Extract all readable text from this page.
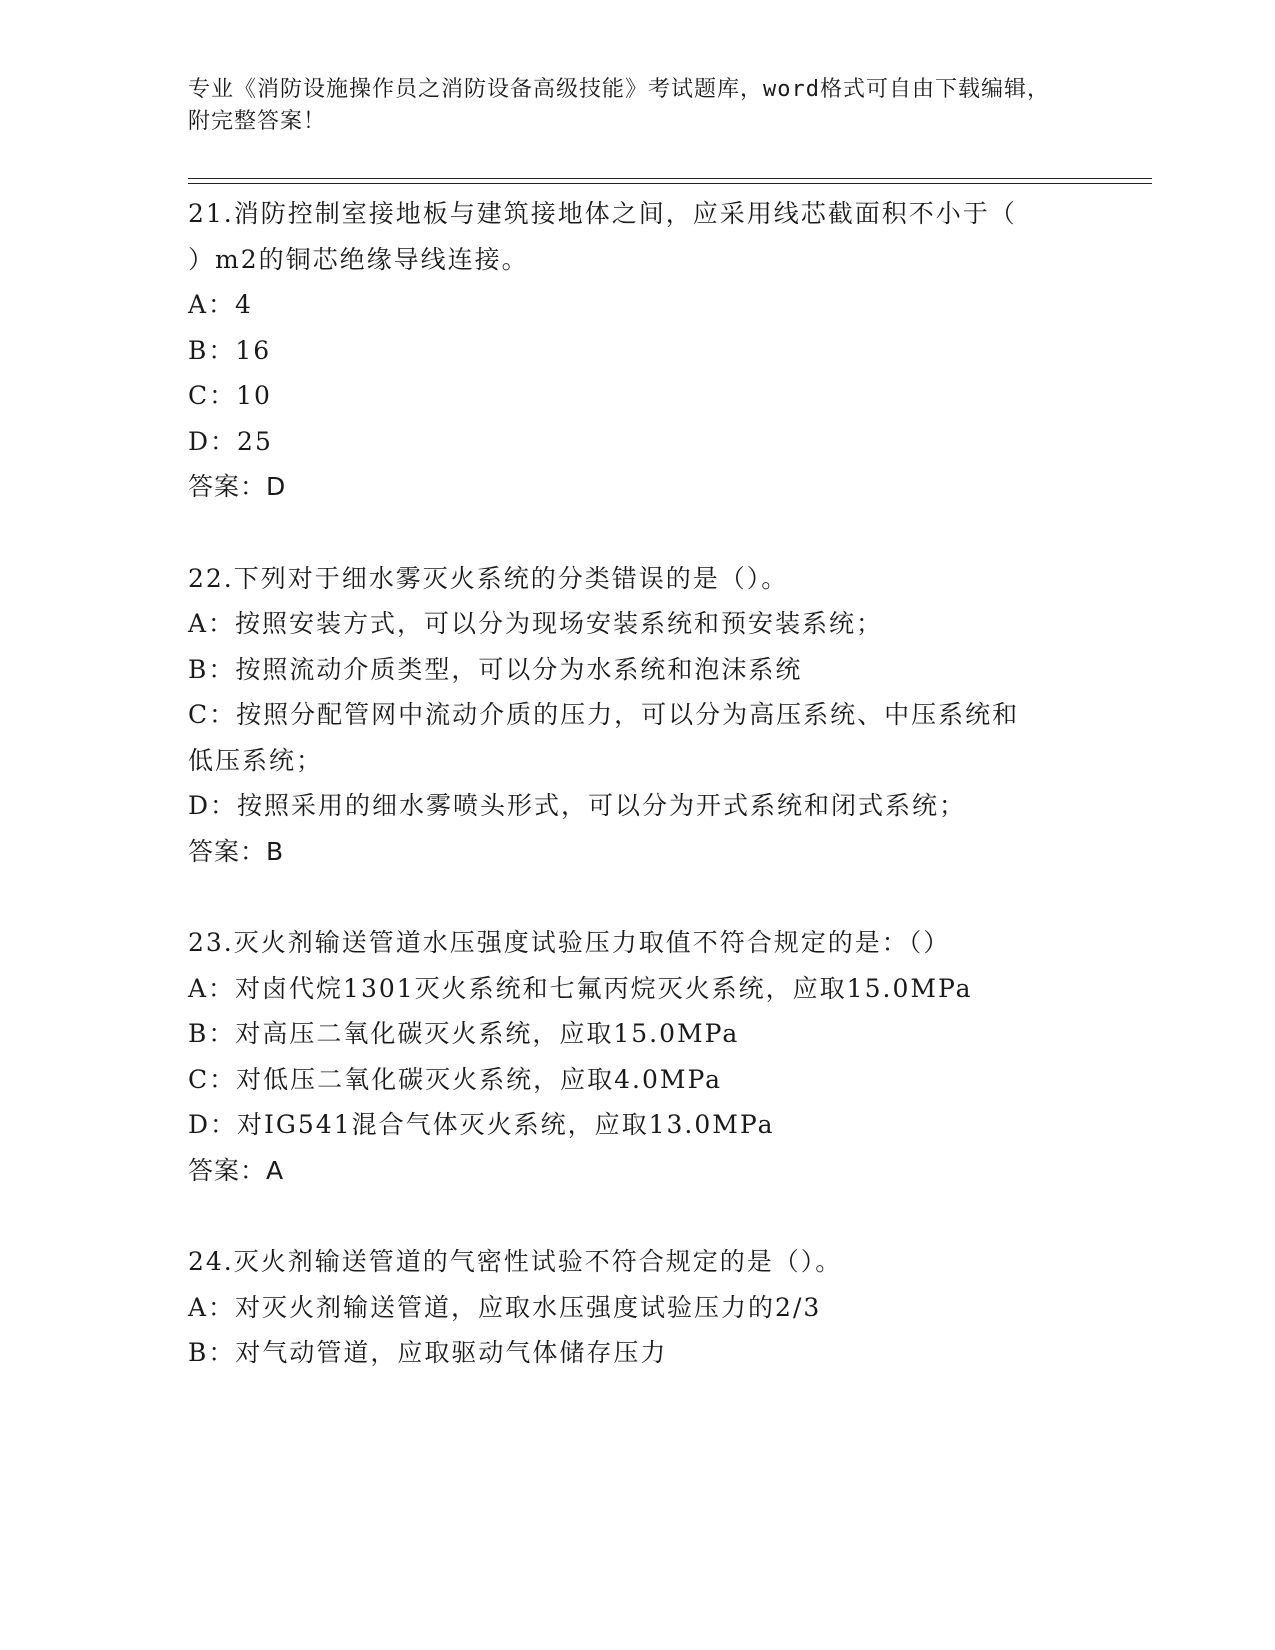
专业《消防设施操作员之消防设备高级技能》考试题库，word格式可自由下载编辑，附完整答案！
21.消防控制室接地板与建筑接地体之间，应采用线芯截面积不小于（
）m2的铜芯绝缘导线连接。
A：4
B：16
C：10
D：25
答案：D
22.下列对于细水雾灭火系统的分类错误的是（）。
A：按照安装方式，可以分为现场安装系统和预安装系统；
B：按照流动介质类型，可以分为水系统和泡沫系统
C：按照分配管网中流动介质的压力，可以分为高压系统、中压系统和
低压系统；
D：按照采用的细水雾喷头形式，可以分为开式系统和闭式系统；
答案：B
23.灭火剂输送管道水压强度试验压力取值不符合规定的是：（）
A：对卤代烷1301灭火系统和七氟丙烷灭火系统，应取15.0MPa
B：对高压二氧化碳灭火系统，应取15.0MPa
C：对低压二氧化碳灭火系统，应取4.0MPa
D：对IG541混合气体灭火系统，应取13.0MPa
答案：A
24.灭火剂输送管道的气密性试验不符合规定的是（）。
A：对灭火剂输送管道，应取水压强度试验压力的2/3
B：对气动管道，应取驱动气体储存压力
